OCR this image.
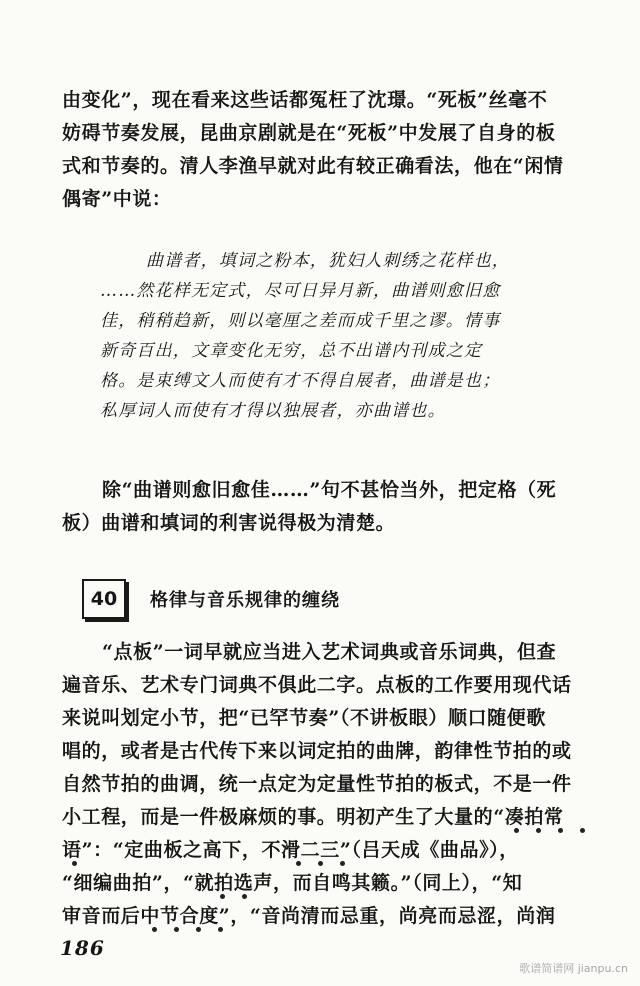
由变化”，现在看来这些话都冤枉了沈璟。“死板”丝毫不
妨碍节奏发展，昆曲京剧就是在“死板”中发展了自身的板
式和节奏的。清人李渔早就对此有较正确看法，他在“闲情
偶寄”中说：
曲谱者，填词之粉本，犹妇人刺绣之花样也，
……然花样无定式，尽可日异月新，曲谱则愈旧愈
佳，稍稍趋新，则以毫厘之差而成千里之谬。情事
新奇百出，文章变化无穷，总不出谱内刊成之定
格。是束缚文人而使有才不得自展者，曲谱是也；
私厚词人而使有才得以独展者，亦曲谱也。
除“曲谱则愈旧愈佳……”句不甚恰当外，把定格（死
板）曲谱和填词的利害说得极为清楚。
40	格律与音乐规律的缠绕
“点板”一词早就应当进入艺术词典或音乐词典，但查
遍音乐、艺术专门词典不俱此二字。点板的工作要用现代话
来说叫划定小节，把“已罕节奏”（不讲板眼）顺口随便歌
唱的，或者是古代传下来以词定拍的曲牌，韵律性节拍的或
自然节拍的曲调，统一点定为定量性节拍的板式，不是一件
小工程，而是一件极麻烦的事。明初产生了大量的“凑拍常
语”：“定曲板之高下，不滑二三”（吕天成《曲品》），
“细编曲拍”，“就拍选声，而自鸣其籁。”（同上），“知
审音而后中节合度”，“音尚清而忌重，尚亮而忌涩，尚润
186
歌谱简谱网 jianpu.cn
